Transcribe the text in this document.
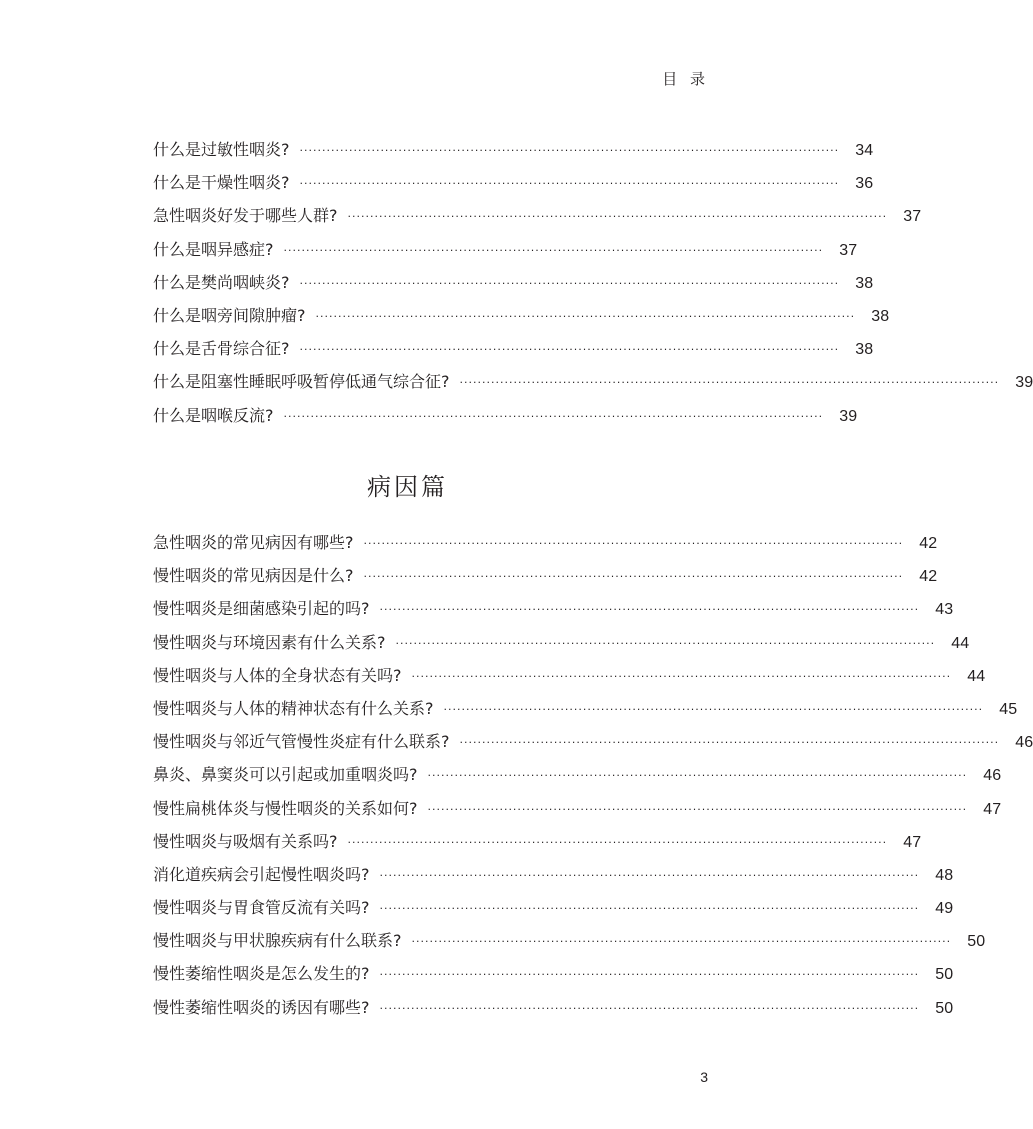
目 录
什么是过敏性咽炎? ························································································································ 34
什么是干燥性咽炎? ························································································································ 36
急性咽炎好发于哪些人群? ························································································································ 37
什么是咽异感症? ························································································································ 37
什么是樊尚咽峡炎? ························································································································ 38
什么是咽旁间隙肿瘤? ························································································································ 38
什么是舌骨综合征? ························································································································ 38
什么是阻塞性睡眠呼吸暂停低通气综合征? ························································································································ 39
什么是咽喉反流? ························································································································ 39
病因篇
急性咽炎的常见病因有哪些? ························································································································ 42
慢性咽炎的常见病因是什么? ························································································································ 42
慢性咽炎是细菌感染引起的吗? ························································································································ 43
慢性咽炎与环境因素有什么关系? ························································································································ 44
慢性咽炎与人体的全身状态有关吗? ························································································································ 44
慢性咽炎与人体的精神状态有什么关系? ························································································································ 45
慢性咽炎与邻近气管慢性炎症有什么联系? ························································································································ 46
鼻炎、鼻窦炎可以引起或加重咽炎吗? ························································································································ 46
慢性扁桃体炎与慢性咽炎的关系如何? ························································································································ 47
慢性咽炎与吸烟有关系吗? ························································································································ 47
消化道疾病会引起慢性咽炎吗? ························································································································ 48
慢性咽炎与胃食管反流有关吗? ························································································································ 49
慢性咽炎与甲状腺疾病有什么联系? ························································································································ 50
慢性萎缩性咽炎是怎么发生的? ························································································································ 50
慢性萎缩性咽炎的诱因有哪些? ························································································································ 50
3
